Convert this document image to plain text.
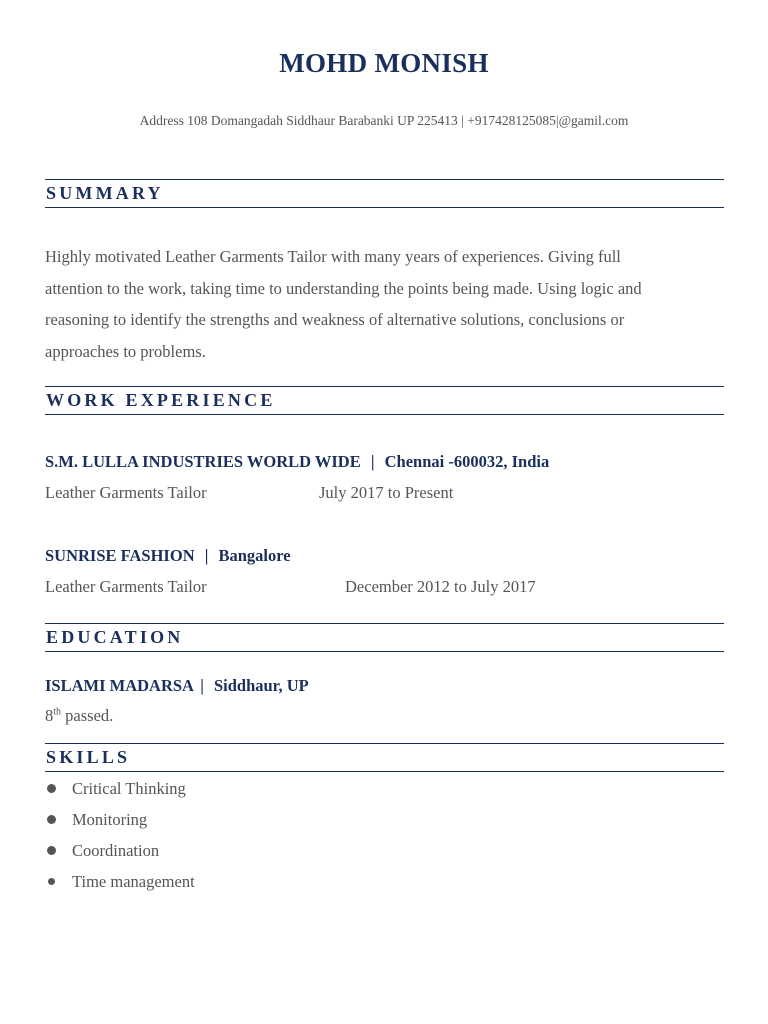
MOHD MONISH
Address 108 Domangadah Siddhaur Barabanki UP 225413 | +917428125085|@gamil.com
SUMMARY

Highly motivated Leather Garments Tailor with many years of experiences. Giving full

attention to the work, taking time to understanding the points being made. Using logic and

reasoning to identify the strengths and weakness of alternative solutions, conclusions or

approaches to problems.

WORK EXPERIENCE
S.M. LULLA INDUSTRIES WORLD WIDE | Chennai -600032, India
Leather Garments Tailor	July 2017 to Present
SUNRISE FASHION | Bangalore
Leather Garments Tailor	December 2012 to July 2017
EDUCATION
ISLAMI MADARSA | Siddhaur, UP
8th passed.
SKILLS
Critical Thinking
Monitoring
Coordination
Time management
